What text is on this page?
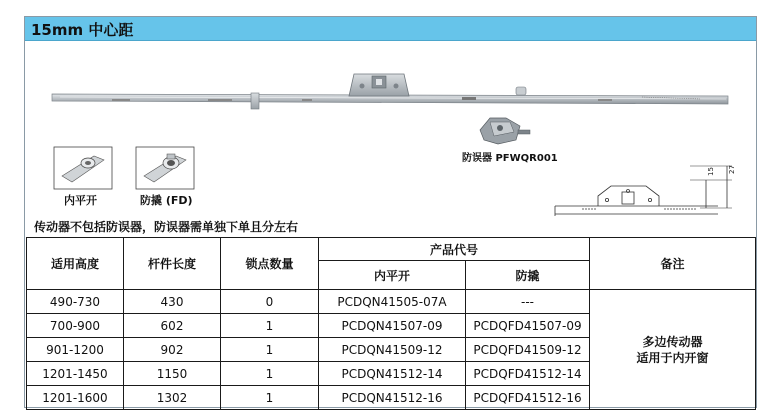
15mm 中心距
15 27
防误器 PFWQR001
内平开	防撬 (FD)
传动器不包括防误器，防误器需单独下单且分左右
适用高度	杆件长度	锁点数量	产品代号		备注
			内平开	防撬	
490-730	430	0	PCDQN41505-07A	---	多边传动器
适用于内开窗

700-900	602	1	PCDQN41507-09	PCDQFD41507-09	
901-1200	902	1	PCDQN41509-12	PCDQFD41509-12	
1201-1450	1150	1	PCDQN41512-14	PCDQFD41512-14	
1201-1600	1302	1	PCDQN41512-16	PCDQFD41512-16	
